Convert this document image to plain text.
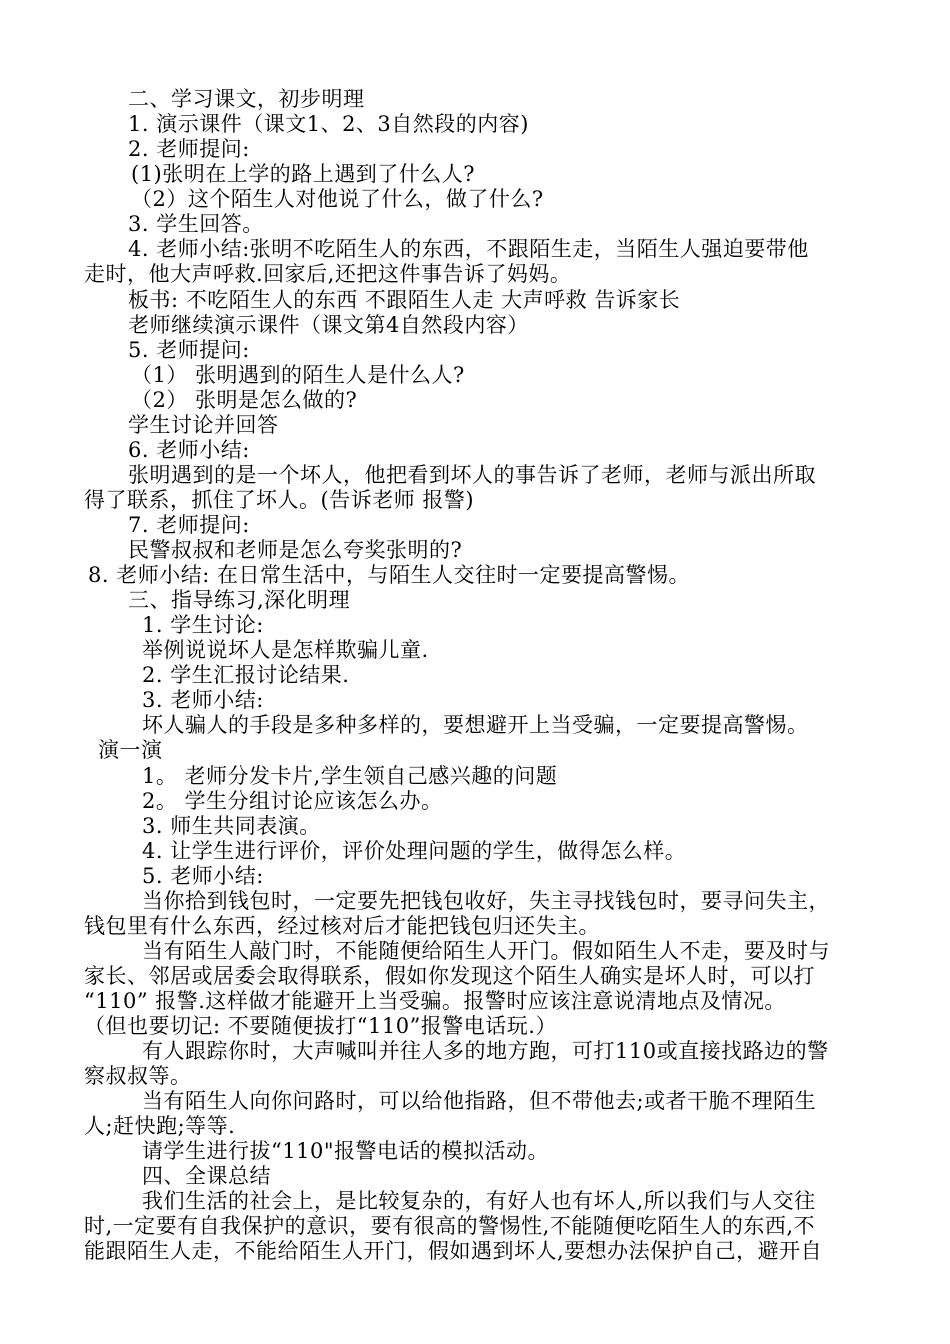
二、学习课文，初步明理
1. 演示课件（课文1、2、3自然段的内容)
2. 老师提问:
(1)张明在上学的路上遇到了什么人?
（2）这个陌生人对他说了什么，做了什么?
3. 学生回答。
4. 老师小结:张明不吃陌生人的东西，不跟陌生走，当陌生人强迫要带他
走时，他大声呼救.回家后,还把这件事告诉了妈妈。
板书: 不吃陌生人的东西 不跟陌生人走 大声呼救 告诉家长
老师继续演示课件（课文第4自然段内容）
5. 老师提问:
（1） 张明遇到的陌生人是什么人?
（2） 张明是怎么做的?
学生讨论并回答
6. 老师小结:
张明遇到的是一个坏人，他把看到坏人的事告诉了老师，老师与派出所取
得了联系，抓住了坏人。(告诉老师 报警)
7. 老师提问:
民警叔叔和老师是怎么夸奖张明的?
8. 老师小结: 在日常生活中，与陌生人交往时一定要提高警惕。
三、指导练习,深化明理
1. 学生讨论:
举例说说坏人是怎样欺骗儿童.
2. 学生汇报讨论结果.
3. 老师小结:
坏人骗人的手段是多种多样的，要想避开上当受骗，一定要提高警惕。
演一演
1。 老师分发卡片,学生领自己感兴趣的问题
2。 学生分组讨论应该怎么办。
3. 师生共同表演。
4. 让学生进行评价，评价处理问题的学生，做得怎么样。
5. 老师小结:
当你拾到钱包时，一定要先把钱包收好，失主寻找钱包时，要寻问失主，
钱包里有什么东西，经过核对后才能把钱包归还失主。
当有陌生人敲门时，不能随便给陌生人开门。假如陌生人不走，要及时与
家长、邻居或居委会取得联系，假如你发现这个陌生人确实是坏人时，可以打
“110” 报警.这样做才能避开上当受骗。报警时应该注意说清地点及情况。
（但也要切记: 不要随便拔打“110”报警电话玩.）
有人跟踪你时，大声喊叫并往人多的地方跑，可打110或直接找路边的警
察叔叔等。
当有陌生人向你问路时，可以给他指路，但不带他去;或者干脆不理陌生
人;赶快跑;等等.
请学生进行拔“110"报警电话的模拟活动。
四、全课总结
我们生活的社会上，是比较复杂的，有好人也有坏人,所以我们与人交往
时,一定要有自我保护的意识，要有很高的警惕性,不能随便吃陌生人的东西,不
能跟陌生人走，不能给陌生人开门，假如遇到坏人,要想办法保护自己，避开自
